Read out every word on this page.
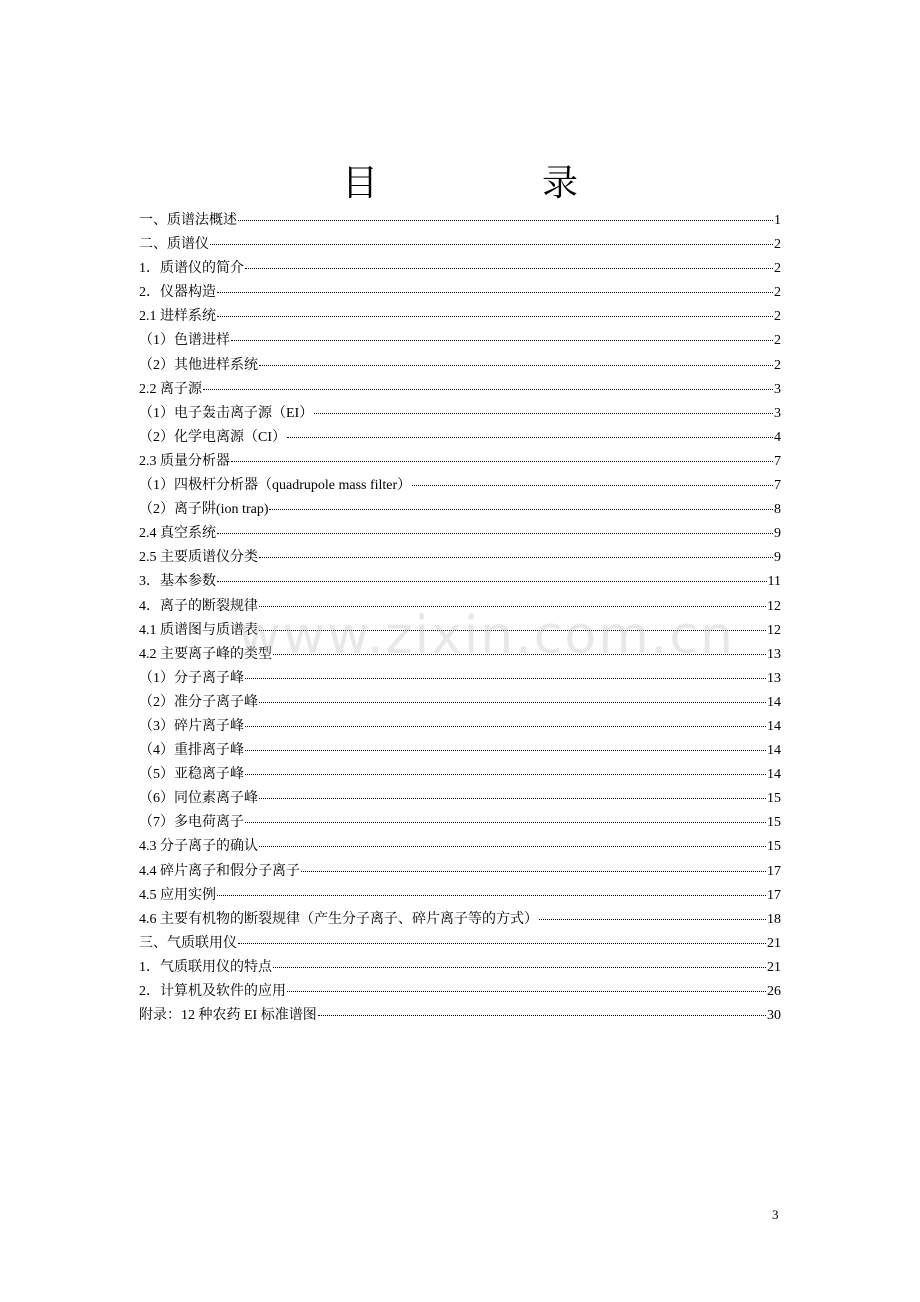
目　录
一、质谱法概述	1
二、质谱仪	2
1．质谱仪的简介	2
2．仪器构造	2
2.1 进样系统	2
（1）色谱进样	2
（2）其他进样系统	2
2.2 离子源	3
（1）电子轰击离子源（EI）	3
（2）化学电离源（CI）	4
2.3 质量分析器	7
（1）四极杆分析器（quadrupole mass filter）	7
（2）离子阱(ion trap)	8
2.4 真空系统	9
2.5 主要质谱仪分类	9
3．基本参数	11
4．离子的断裂规律	12
4.1 质谱图与质谱表	12
4.2 主要离子峰的类型	13
（1）分子离子峰	13
（2）准分子离子峰	14
（3）碎片离子峰	14
（4）重排离子峰	14
（5）亚稳离子峰	14
（6）同位素离子峰	15
（7）多电荷离子	15
4.3 分子离子的确认	15
4.4 碎片离子和假分子离子	17
4.5 应用实例	17
4.6 主要有机物的断裂规律（产生分子离子、碎片离子等的方式）	18
三、气质联用仪	21
1．气质联用仪的特点	21
2．计算机及软件的应用	26
附录：12 种农药 EI 标准谱图	30
www.zixin.com.cn
3
